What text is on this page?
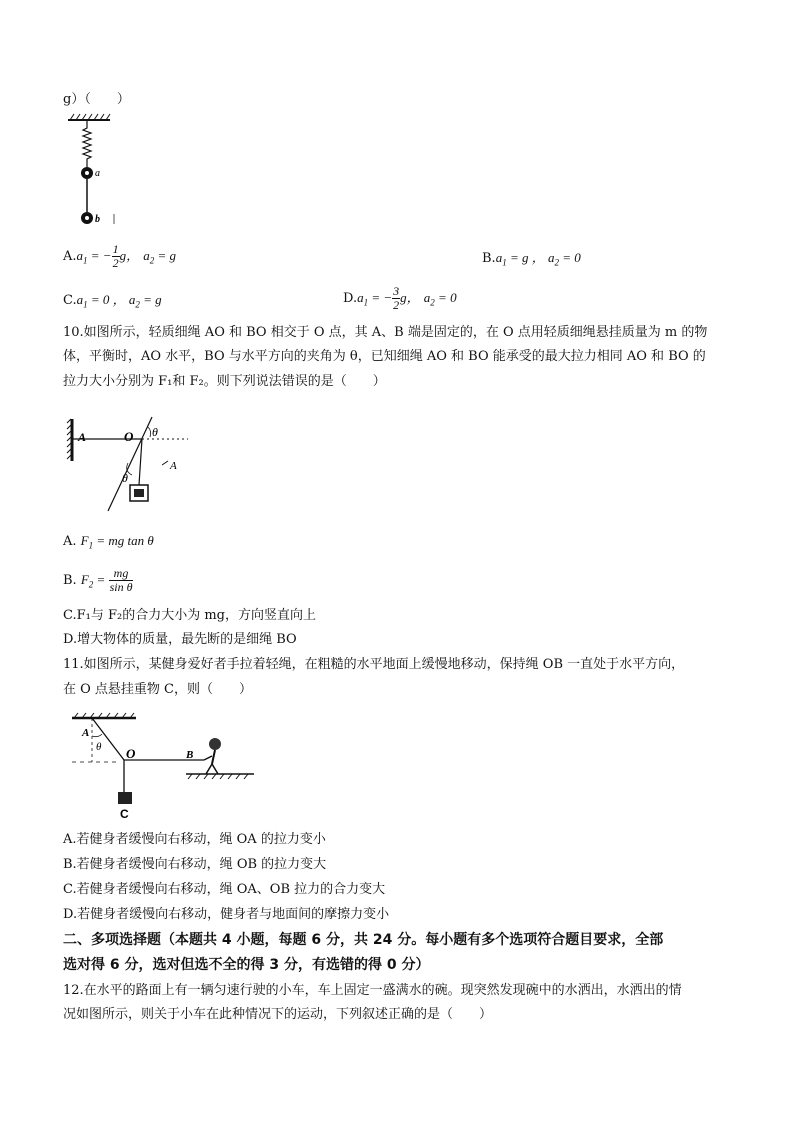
g）（　　）
a
b
$A.a_1$ = − $\frac{1}{2}$ g， $a_2 = g$	$B.a_1 = g$ ， $a_2 = 0$
$C.a_1 = 0$ ， $a_2 = g$	$D.a_1$ = − $\frac{3}{2}$ g， $a_2 = 0$
10.如图所示，轻质细绳 AO 和 BO 相交于 O 点，其 A、B 端是固定的，在 O 点用轻质细绳悬挂质量为 m 的物
体，平衡时，AO 水平，BO 与水平方向的夹角为 θ，已知细绳 AO 和 BO 能承受的最大拉力相同 AO 和 BO 的
拉力大小分别为 F₁和 F₂。则下列说法错误的是（　　）
A	O θ
θ
A
A. $F_1$ = mg tan θ
B. $F_2 = \frac{mg}{\text{sin θ}}$
C.F₁与 F₂的合力大小为 mg，方向竖直向上
D.增大物体的质量，最先断的是细绳 BO
11.如图所示，某健身爱好者手拉着轻绳，在粗糙的水平地面上缓慢地移动，保持绳 OB 一直处于水平方向，
在 O 点悬挂重物 C，则（　　）
A
θ O	B
C
A.若健身者缓慢向右移动，绳 OA 的拉力变小
B.若健身者缓慢向右移动，绳 OB 的拉力变大
C.若健身者缓慢向右移动，绳 OA、OB 拉力的合力变大
D.若健身者缓慢向右移动，健身者与地面间的摩擦力变小
二、多项选择题（本题共 4 小题，每题 6 分，共 24 分。每小题有多个选项符合题目要求，全部
选对得 6 分，选对但选不全的得 3 分，有选错的得 0 分）
12.在水平的路面上有一辆匀速行驶的小车，车上固定一盛满水的碗。现突然发现碗中的水洒出，水洒出的情
况如图所示，则关于小车在此种情况下的运动，下列叙述正确的是（　　）
